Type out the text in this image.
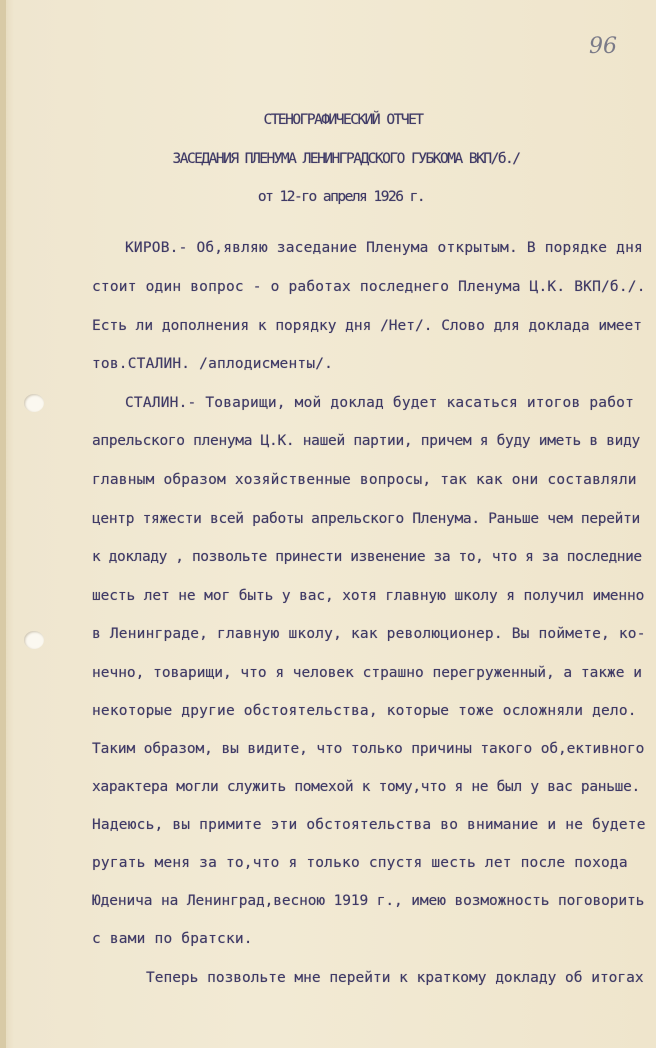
96
СТЕНОГРАФИЧЕСКИЙ ОТЧЕТ
ЗАСЕДАНИЯ ПЛЕНУМА ЛЕНИНГРАДСКОГО ГУБКОМА ВКП/б./
от 12-го апреля 1926 г.
КИРОВ.- Об,являю заседание Пленума открытым. В порядке дня
стоит один вопрос - о работах последнего Пленума Ц.К. ВКП/б./.
Есть ли дополнения к порядку дня /Нет/. Слово для доклада имеет
тов.СТАЛИН. /аплодисменты/.
СТАЛИН.- Товарищи, мой доклад будет касаться итогов работ
апрельского пленума Ц.К. нашей партии, причем я буду иметь в виду
главным образом хозяйственные вопросы, так как они составляли
центр тяжести всей работы апрельского Пленума. Раньше чем перейти
к докладу , позвольте принести извенение за то, что я за последние
шесть лет не мог быть у вас, хотя главную школу я получил именно
в Ленинграде, главную школу, как революционер. Вы поймете, ко-
нечно, товарищи, что я человек страшно перегруженный, а также и
некоторые другие обстоятельства, которые тоже осложняли дело.
Таким образом, вы видите, что только причины такого об,ективного
характера могли служить помехой к тому,что я не был у вас раньше.
Надеюсь, вы примите эти обстоятельства во внимание и не будете
ругать меня за то,что я только спустя шесть лет после похода
Юденича на Ленинград,весною 1919 г., имею возможность поговорить
с вами по братски.
Теперь позвольте мне перейти к краткому докладу об итогах
